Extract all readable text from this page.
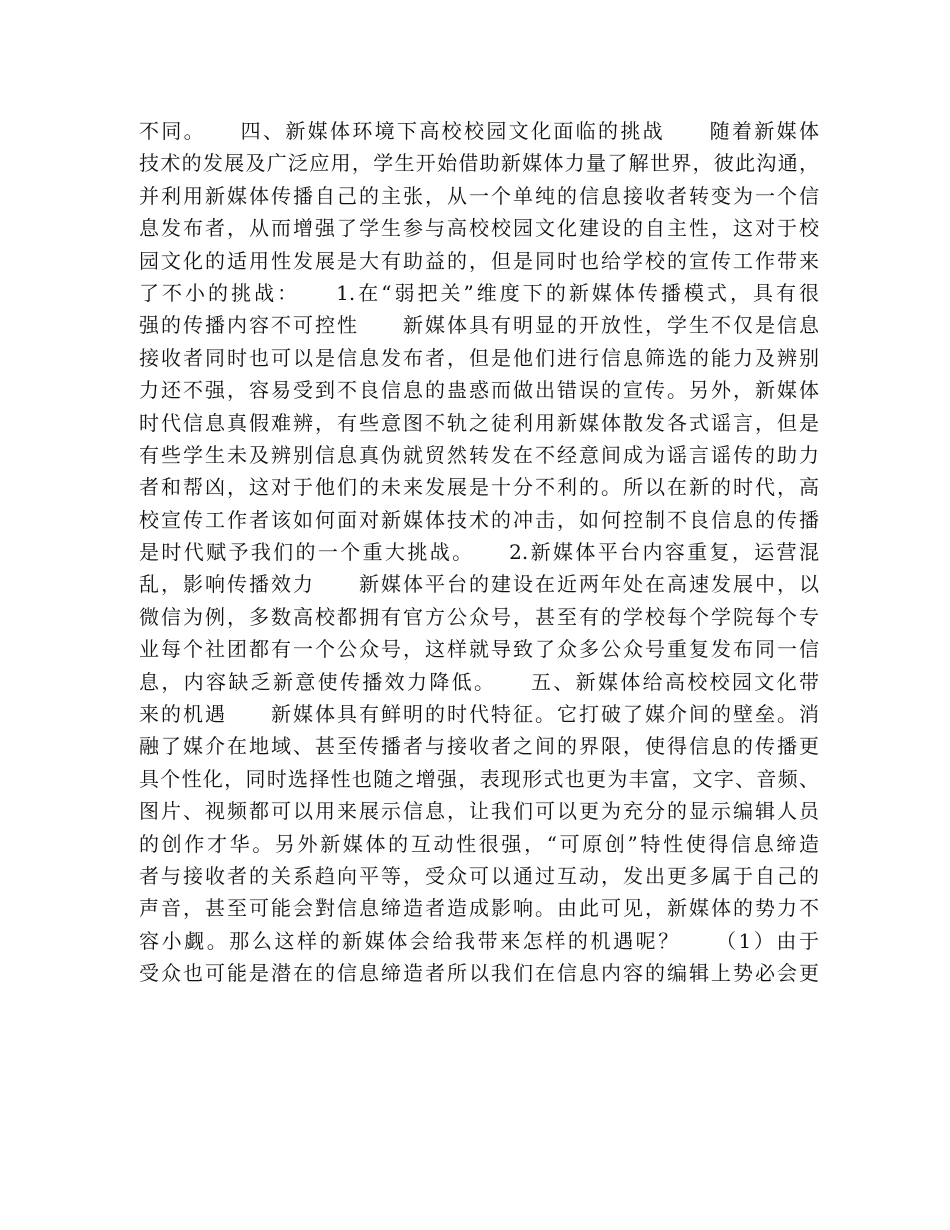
不同。　　四、新媒体环境下高校校园文化面临的挑战　　随着新媒体
技术的发展及广泛应用，学生开始借助新媒体力量了解世界，彼此沟通，
并利用新媒体传播自己的主张，从一个单纯的信息接收者转变为一个信
息发布者，从而增强了学生参与高校校园文化建设的自主性，这对于校
园文化的适用性发展是大有助益的，但是同时也给学校的宣传工作带来
了不小的挑战：　　1.在“弱把关”维度下的新媒体传播模式，具有很
强的传播内容不可控性　　新媒体具有明显的开放性，学生不仅是信息
接收者同时也可以是信息发布者，但是他们进行信息筛选的能力及辨别
力还不强，容易受到不良信息的蛊惑而做出错误的宣传。另外，新媒体
时代信息真假难辨，有些意图不轨之徒利用新媒体散发各式谣言，但是
有些学生未及辨别信息真伪就贸然转发在不经意间成为谣言谣传的助力
者和帮凶，这对于他们的未来发展是十分不利的。所以在新的时代，高
校宣传工作者该如何面对新媒体技术的冲击，如何控制不良信息的传播
是时代赋予我们的一个重大挑战。　　2.新媒体平台内容重复，运营混
乱，影响传播效力　　新媒体平台的建设在近两年处在高速发展中，以
微信为例，多数高校都拥有官方公众号，甚至有的学校每个学院每个专
业每个社团都有一个公众号，这样就导致了众多公众号重复发布同一信
息，内容缺乏新意使传播效力降低。　　五、新媒体给高校校园文化带
来的机遇　　新媒体具有鲜明的时代特征。它打破了媒介间的壁垒。消
融了媒介在地域、甚至传播者与接收者之间的界限，使得信息的传播更
具个性化，同时选择性也随之增强，表现形式也更为丰富，文字、音频、
图片、视频都可以用来展示信息，让我们可以更为充分的显示编辑人员
的创作才华。另外新媒体的互动性很强，“可原创”特性使得信息缔造
者与接收者的关系趋向平等，受众可以通过互动，发出更多属于自己的
声音，甚至可能会對信息缔造者造成影响。由此可见，新媒体的势力不
容小觑。那么这样的新媒体会给我带来怎样的机遇呢？　　（1）由于
受众也可能是潜在的信息缔造者所以我们在信息内容的编辑上势必会更
